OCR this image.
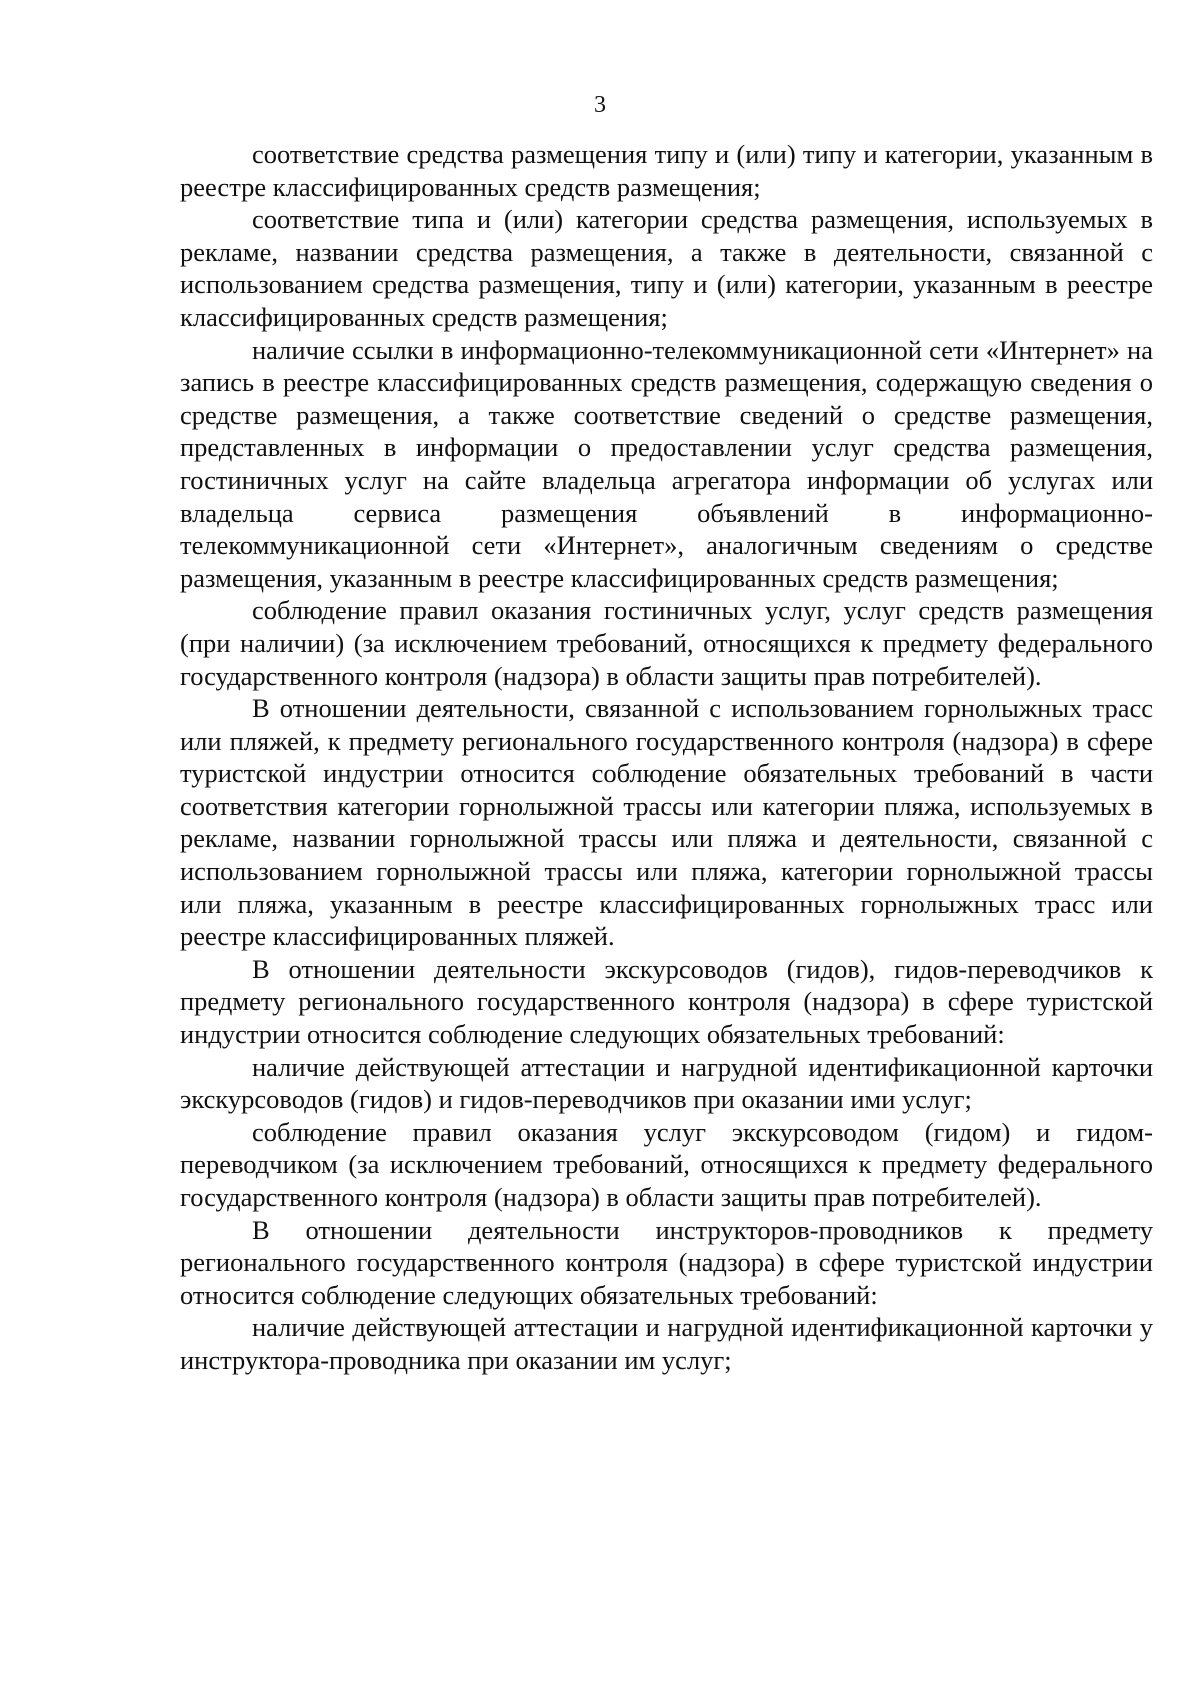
3

соответствие средства размещения типу и (или) типу и категории, указанным в реестре классифицированных средств размещения;

соответствие типа и (или) категории средства размещения, используемых в рекламе, названии средства размещения, а также в деятельности, связанной с использованием средства размещения, типу и (или) категории, указанным в реестре классифицированных средств размещения;

наличие ссылки в информационно-телекоммуникационной сети «Интернет» на запись в реестре классифицированных средств размещения, содержащую сведения о средстве размещения, а также соответствие сведений о средстве размещения, представленных в информации о предоставлении услуг средства размещения, гостиничных услуг на сайте владельца агрегатора информации об услугах или владельца сервиса размещения объявлений в информационно-телекоммуникационной сети «Интернет», аналогичным сведениям о средстве размещения, указанным в реестре классифицированных средств размещения;

соблюдение правил оказания гостиничных услуг, услуг средств размещения (при наличии) (за исключением требований, относящихся к предмету федерального государственного контроля (надзора) в области защиты прав потребителей).

В отношении деятельности, связанной с использованием горнолыжных трасс или пляжей, к предмету регионального государственного контроля (надзора) в сфере туристской индустрии относится соблюдение обязательных требований в части соответствия категории горнолыжной трассы или категории пляжа, используемых в рекламе, названии горнолыжной трассы или пляжа и деятельности, связанной с использованием горнолыжной трассы или пляжа, категории горнолыжной трассы или пляжа, указанным в реестре классифицированных горнолыжных трасс или реестре классифицированных пляжей.

В отношении деятельности экскурсоводов (гидов), гидов-переводчиков к предмету регионального государственного контроля (надзора) в сфере туристской индустрии относится соблюдение следующих обязательных требований:

наличие действующей аттестации и нагрудной идентификационной карточки экскурсоводов (гидов) и гидов-переводчиков при оказании ими услуг;

соблюдение правил оказания услуг экскурсоводом (гидом) и гидом-переводчиком (за исключением требований, относящихся к предмету федерального государственного контроля (надзора) в области защиты прав потребителей).

В отношении деятельности инструкторов-проводников к предмету регионального государственного контроля (надзора) в сфере туристской индустрии относится соблюдение следующих обязательных требований:

наличие действующей аттестации и нагрудной идентификационной карточки у инструктора-проводника при оказании им услуг;
